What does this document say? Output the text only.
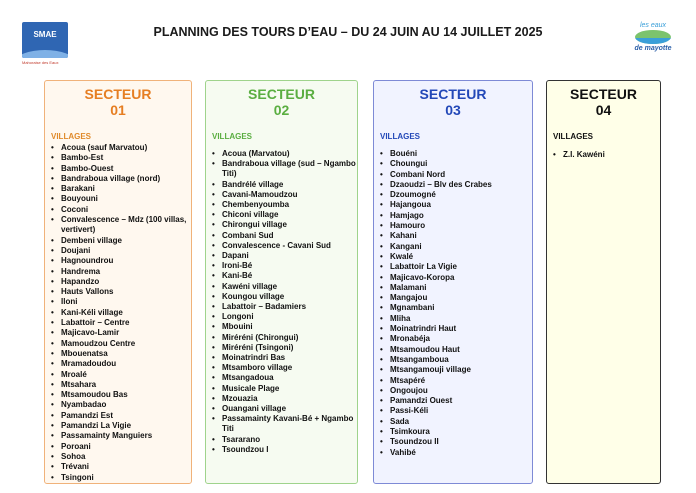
SMAE
Mahoraise des Eaux
PLANNING DES TOURS D’EAU – DU 24 JUIN AU 14 JUILLET 2025	les eaux
de mayotte
SECTEUR
01
VILLAGES
• Acoua (sauf Marvatou)
• Bambo-Est
• Bambo-Ouest
• Bandraboua village (nord)
• Barakani
• Bouyouni
• Coconi
• Convalescence – Mdz (100 villas, vertivert)
• Dembeni village
• Doujani
• Hagnoundrou
• Handrema
• Hapandzo
• Hauts Vallons
• Iloni
• Kani-Kéli village
• Labattoir – Centre
• Majicavo-Lamir
• Mamoudzou Centre
• Mbouenatsa
• Mramadoudou
• Mroalé
• Mtsahara
• Mtsamoudou Bas
• Nyambadao
• Pamandzi Est
• Pamandzi La Vigie
• Passamainty Manguiers
• Poroani
• Sohoa
• Trévani
• Tsingoni
SECTEUR
02
VILLAGES
• Acoua (Marvatou)
• Bandraboua village (sud – Ngambo Titi)
• Bandrélé village
• Cavani-Mamoudzou
• Chembenyoumba
• Chiconi village
• Chirongui village
• Combani Sud
• Convalescence - Cavani Sud
• Dapani
• Ironi-Bé
• Kani-Bé
• Kawéni village
• Koungou village
• Labattoir – Badamiers
• Longoni
• Mbouini
• Miréréni (Chirongui)
• Miréréni (Tsingoni)
• Moinatrindri Bas
• Mtsamboro village
• Mtsangadoua
• Musicale Plage
• Mzouazia
• Ouangani village
• Passamainty Kavani-Bé + Ngambo Titi
• Tsararano
• Tsoundzou I
SECTEUR
03
VILLAGES
• Bouéni
• Choungui
• Combani Nord
• Dzaoudzi – Blv des Crabes
• Dzoumogné
• Hajangoua
• Hamjago
• Hamouro
• Kahani
• Kangani
• Kwalé
• Labattoir La Vigie
• Majicavo-Koropa
• Malamani
• Mangajou
• Mgnambani
• Mliha
• Moinatrindri Haut
• Mronabéja
• Mtsamoudou Haut
• Mtsangamboua
• Mtsangamouji village
• Mtsapéré
• Ongoujou
• Pamandzi Ouest
• Passi-Kéli
• Sada
• Tsimkoura
• Tsoundzou II
• Vahibé
SECTEUR
04
VILLAGES
• Z.I. Kawéni
